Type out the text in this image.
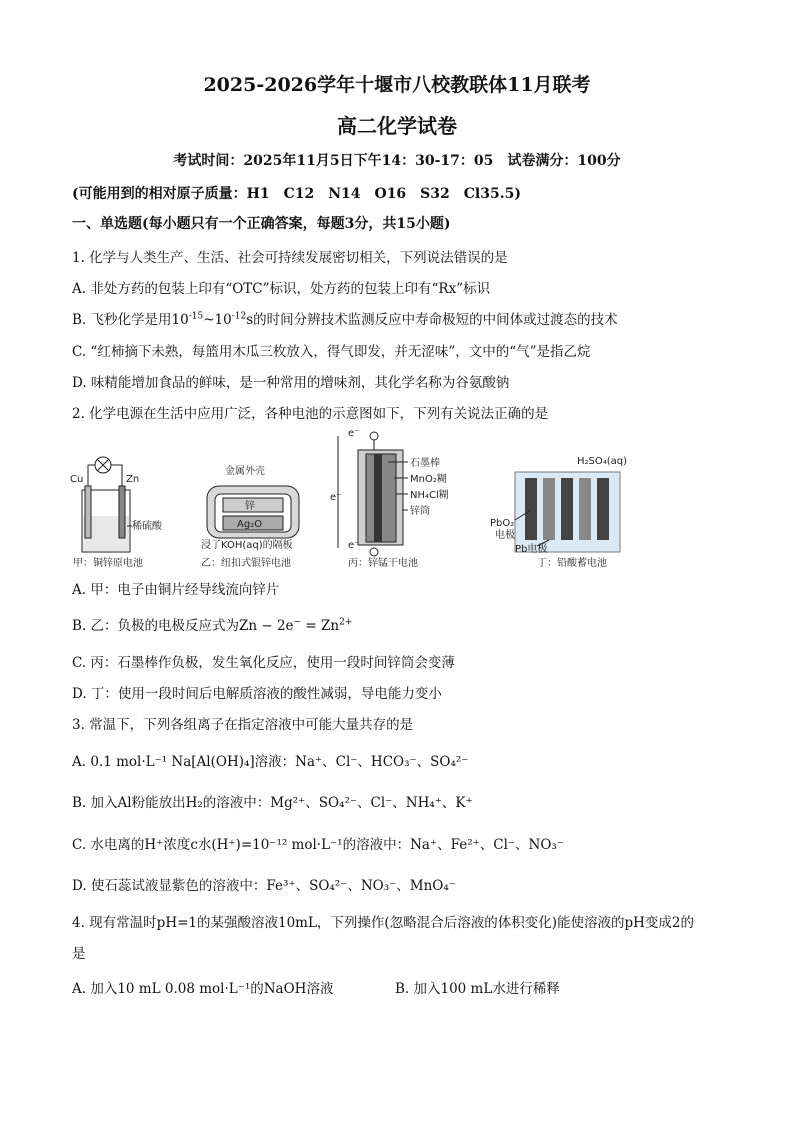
2025-2026学年十堰市八校教联体11月联考
高二化学试卷
考试时间：2025年11月5日下午14：30-17：05　试卷满分：100分
(可能用到的相对原子质量：H1　C12　N14　O16　S32　Cl35.5)
一、单选题(每小题只有一个正确答案，每题3分，共15小题)
1. 化学与人类生产、生活、社会可持续发展密切相关，下列说法错误的是
A. 非处方药的包装上印有“OTC”标识，处方药的包装上印有“Rx”标识
B. 飞秒化学是用$10^{-15}\sim 10^{-12}s$的时间分辨技术监测反应中寿命极短的中间体或过渡态的技术
C. “红柿摘下未熟，每篮用木瓜三枚放入，得气即发，并无涩味”，文中的“气”是指乙烷
D. 味精能增加食品的鲜味，是一种常用的增味剂，其化学名称为谷氨酸钠
2. 化学电源在生活中应用广泛，各种电池的示意图如下，下列有关说法正确的是
Cu	Zn
稀硫酸
甲：铜锌原电池
金属外壳
锌
Ag₂O
浸了KOH(aq)的隔板
乙：纽扣式银锌电池
e⁻
e⁻
e⁻
石墨棒
MnO₂糊
NH₄Cl糊
锌筒
丙：锌锰干电池
H₂SO₄(aq)
PbO₂
电极
Pb电极
丁：铅酸蓄电池
A. 甲：电子由铜片经导线流向锌片
B. 乙：负极的电极反应式为$Zn - 2e^- = Zn^{2+}$
C. 丙：石墨棒作负极，发生氧化反应，使用一段时间锌筒会变薄
D. 丁：使用一段时间后电解质溶液的酸性减弱，导电能力变小
3. 常温下，下列各组离子在指定溶液中可能大量共存的是
A. 0.1 mol·L⁻¹ Na[Al(OH)₄]溶液：Na⁺、Cl⁻、HCO₃⁻、SO₄²⁻
B. 加入Al粉能放出H₂的溶液中：Mg²⁺、SO₄²⁻、Cl⁻、NH₄⁺、K⁺
C. 水电离的H⁺浓度c水(H⁺)=10⁻¹² mol·L⁻¹的溶液中：Na⁺、Fe²⁺、Cl⁻、NO₃⁻
D. 使石蕊试液显紫色的溶液中：Fe³⁺、SO₄²⁻、NO₃⁻、MnO₄⁻
4. 现有常温时pH=1的某强酸溶液10mL，下列操作(忽略混合后溶液的体积变化)能使溶液的pH变成2的
是
A. 加入10 mL 0.08 mol·L⁻¹的NaOH溶液	B. 加入100 mL水进行稀释
